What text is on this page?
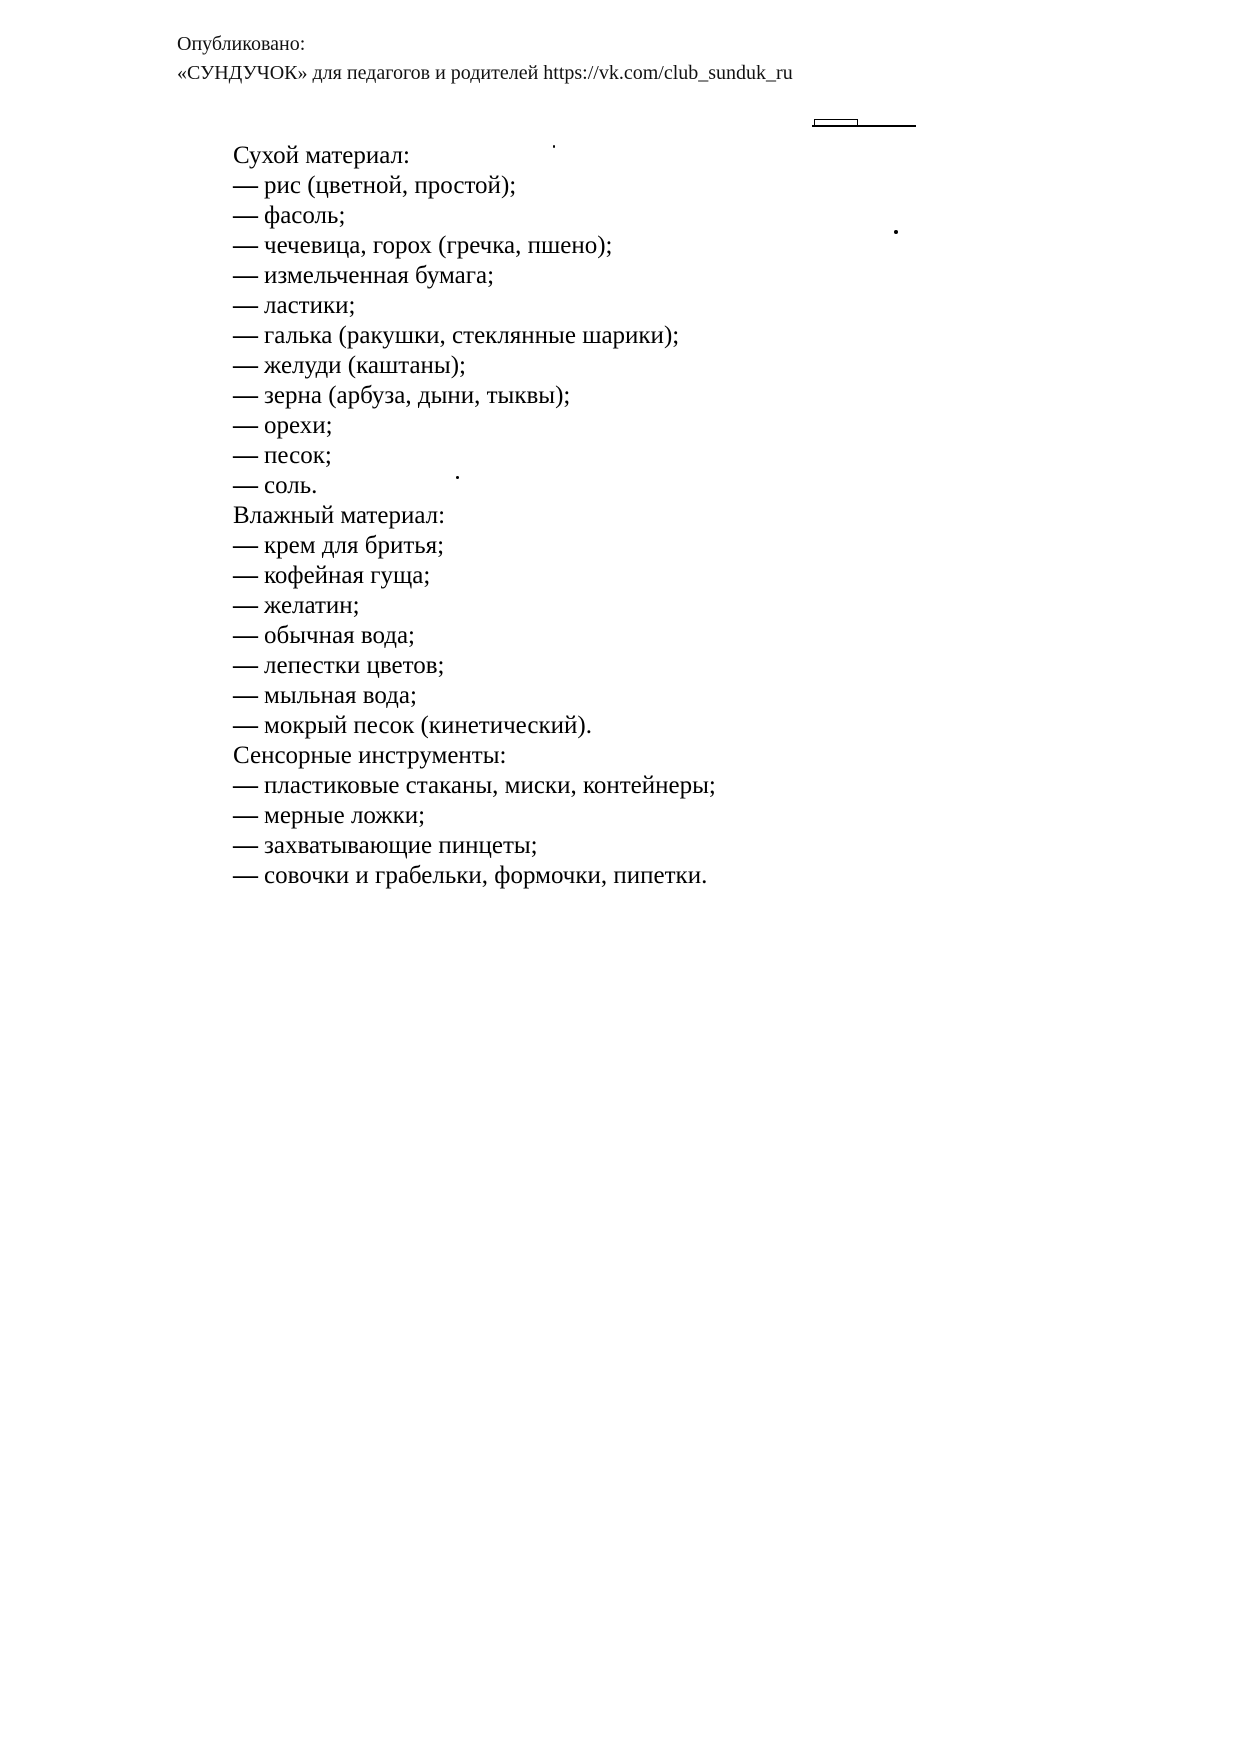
Опубликовано:
«СУНДУЧОК» для педагогов и родителей https://vk.com/club_sunduk_ru
Сухой материал:
— рис (цветной, простой);
— фасоль;
— чечевица, горох (гречка, пшено);
— измельченная бумага;
— ластики;
— галька (ракушки, стеклянные шарики);
— желуди (каштаны);
— зерна (арбуза, дыни, тыквы);
— орехи;
— песок;
— соль.
Влажный материал:
— крем для бритья;
— кофейная гуща;
— желатин;
— обычная вода;
— лепестки цветов;
— мыльная вода;
— мокрый песок (кинетический).
Сенсорные инструменты:
— пластиковые стаканы, миски, контейнеры;
— мерные ложки;
— захватывающие пинцеты;
— совочки и грабельки, формочки, пипетки.
